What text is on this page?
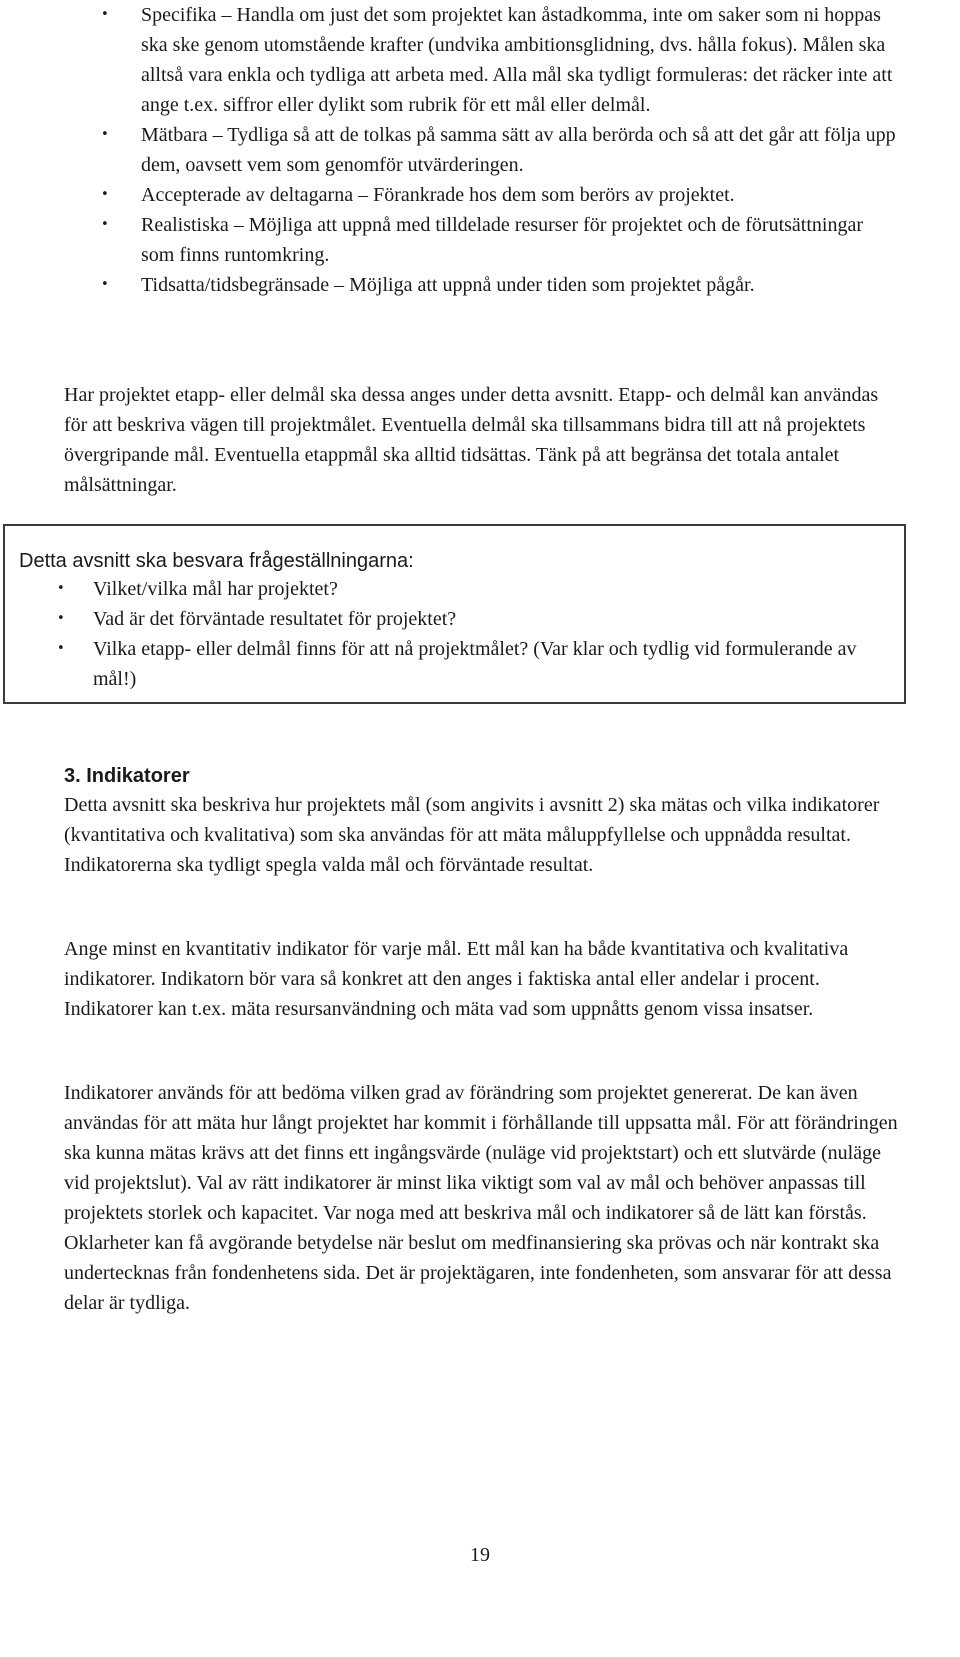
• Specifika – Handla om just det som projektet kan åstadkomma, inte om saker som ni hoppas ska ske genom utomstående krafter (undvika ambitionsglidning, dvs. hålla fokus). Målen ska alltså vara enkla och tydliga att arbeta med. Alla mål ska tydligt formuleras: det räcker inte att ange t.ex. siffror eller dylikt som rubrik för ett mål eller delmål.
• Mätbara – Tydliga så att de tolkas på samma sätt av alla berörda och så att det går att följa upp dem, oavsett vem som genomför utvärderingen.
• Accepterade av deltagarna – Förankrade hos dem som berörs av projektet.
• Realistiska – Möjliga att uppnå med tilldelade resurser för projektet och de förutsättningar som finns runtomkring.
• Tidsatta/tidsbegränsade – Möjliga att uppnå under tiden som projektet pågår.

Har projektet etapp- eller delmål ska dessa anges under detta avsnitt. Etapp- och delmål kan användas för att beskriva vägen till projektmålet. Eventuella delmål ska tillsammans bidra till att nå projektets övergripande mål. Eventuella etappmål ska alltid tidsättas. Tänk på att begränsa det totala antalet målsättningar.

Detta avsnitt ska besvara frågeställningarna:
• Vilket/vilka mål har projektet?
• Vad är det förväntade resultatet för projektet?
• Vilka etapp- eller delmål finns för att nå projektmålet? (Var klar och tydlig vid formulerande av mål!)
3. Indikatorer

Detta avsnitt ska beskriva hur projektets mål (som angivits i avsnitt 2) ska mätas och vilka indikatorer (kvantitativa och kvalitativa) som ska användas för att mäta måluppfyllelse och uppnådda resultat. Indikatorerna ska tydligt spegla valda mål och förväntade resultat.

Ange minst en kvantitativ indikator för varje mål. Ett mål kan ha både kvantitativa och kvalitativa indikatorer. Indikatorn bör vara så konkret att den anges i faktiska antal eller andelar i procent. Indikatorer kan t.ex. mäta resursanvändning och mäta vad som uppnåtts genom vissa insatser.

Indikatorer används för att bedöma vilken grad av förändring som projektet genererat. De kan även användas för att mäta hur långt projektet har kommit i förhållande till uppsatta mål. För att förändringen ska kunna mätas krävs att det finns ett ingångsvärde (nuläge vid projektstart) och ett slutvärde (nuläge vid projektslut). Val av rätt indikatorer är minst lika viktigt som val av mål och behöver anpassas till projektets storlek och kapacitet. Var noga med att beskriva mål och indikatorer så de lätt kan förstås. Oklarheter kan få avgörande betydelse när beslut om medfinansiering ska prövas och när kontrakt ska undertecknas från fondenhetens sida. Det är projektägaren, inte fondenheten, som ansvarar för att dessa delar är tydliga.

19
